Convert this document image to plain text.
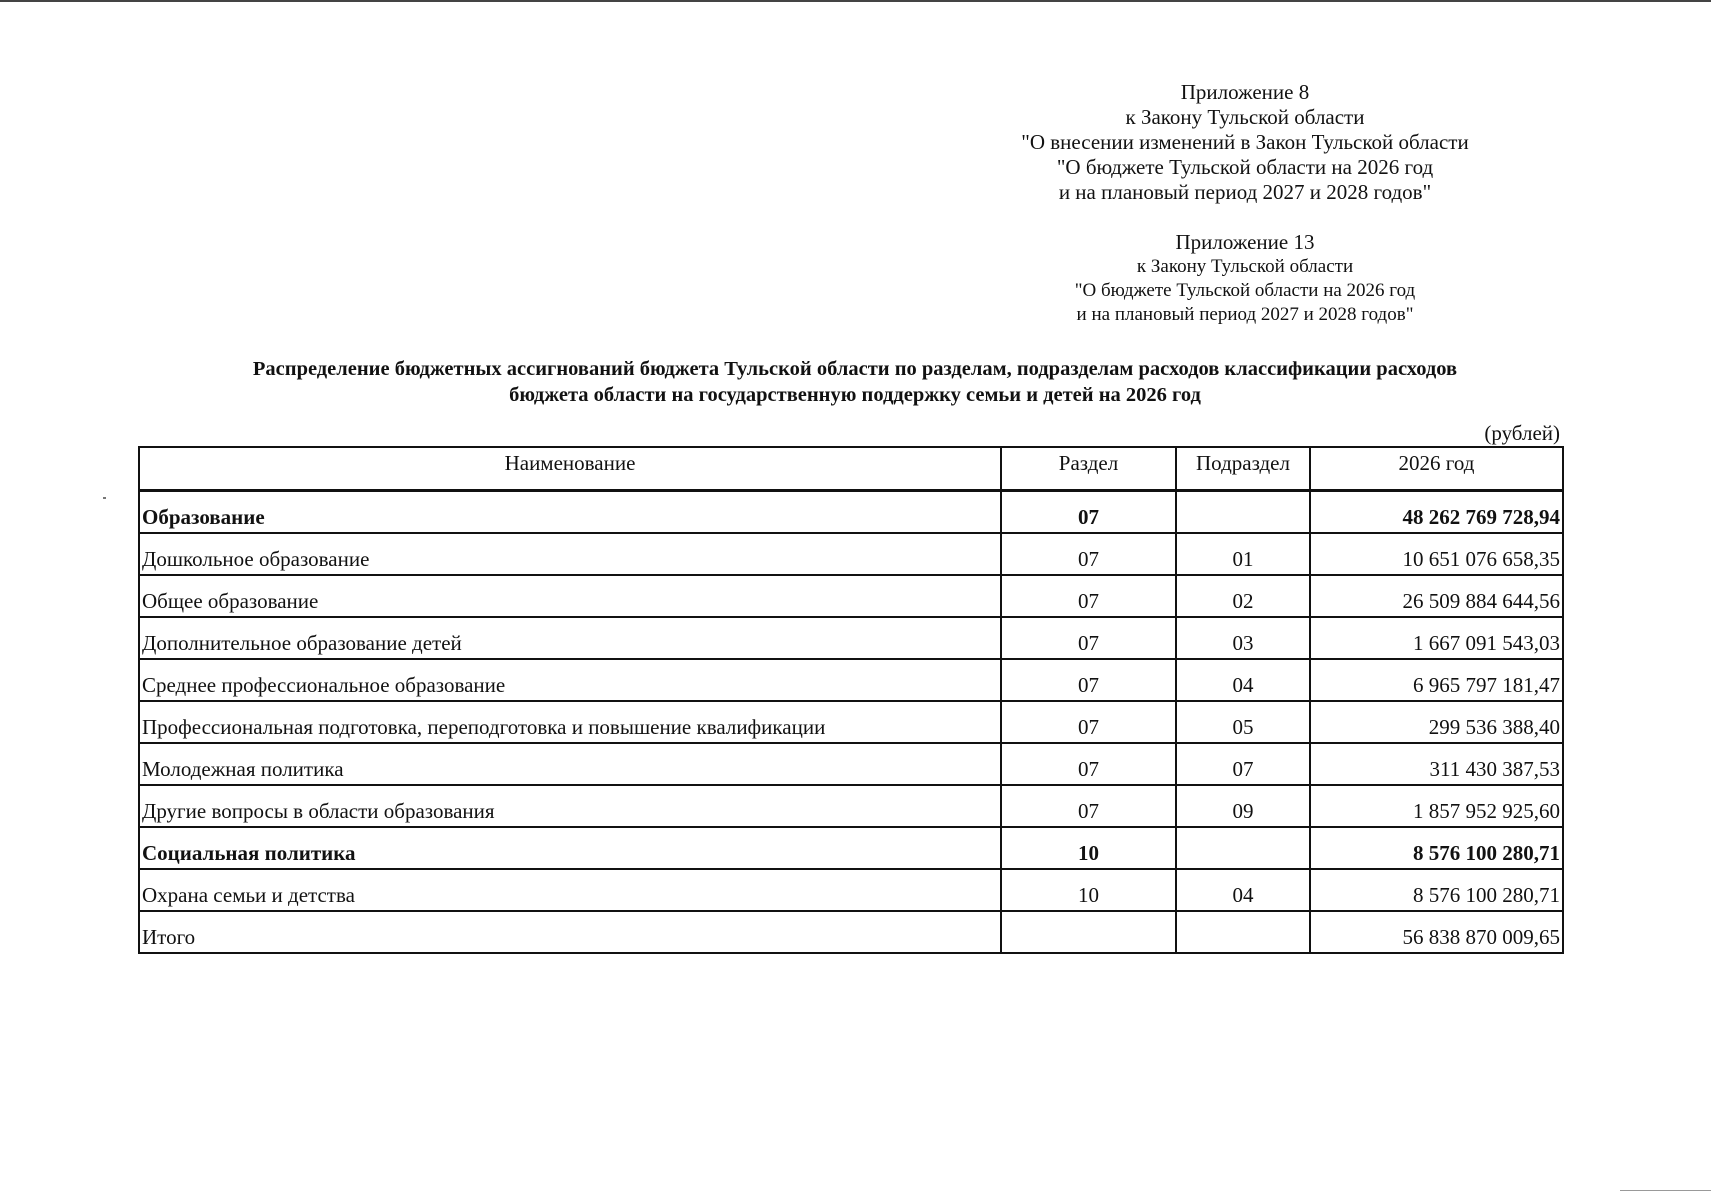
Приложение 8
к Закону Тульской области
"О внесении изменений в Закон Тульской области
"О бюджете Тульской области на 2026 год
и на плановый период 2027 и 2028 годов"
Приложение 13
к Закону Тульской области
"О бюджете Тульской области на 2026 год
и на плановый период 2027 и 2028 годов"
Распределение бюджетных ассигнований бюджета Тульской области по разделам, подразделам расходов классификации расходов
бюджета области на государственную поддержку семьи и детей на 2026 год
(рублей)
Наименование	Раздел	Подраздел	2026 год
Образование	07		48 262 769 728,94
Дошкольное образование	07	01	10 651 076 658,35
Общее образование	07	02	26 509 884 644,56
Дополнительное образование детей	07	03	1 667 091 543,03
Среднее профессиональное образование	07	04	6 965 797 181,47
Профессиональная подготовка, переподготовка и повышение квалификации	07	05	299 536 388,40
Молодежная политика	07	07	311 430 387,53
Другие вопросы в области образования	07	09	1 857 952 925,60
Социальная политика	10		8 576 100 280,71
Охрана семьи и детства	10	04	8 576 100 280,71
Итого			56 838 870 009,65
